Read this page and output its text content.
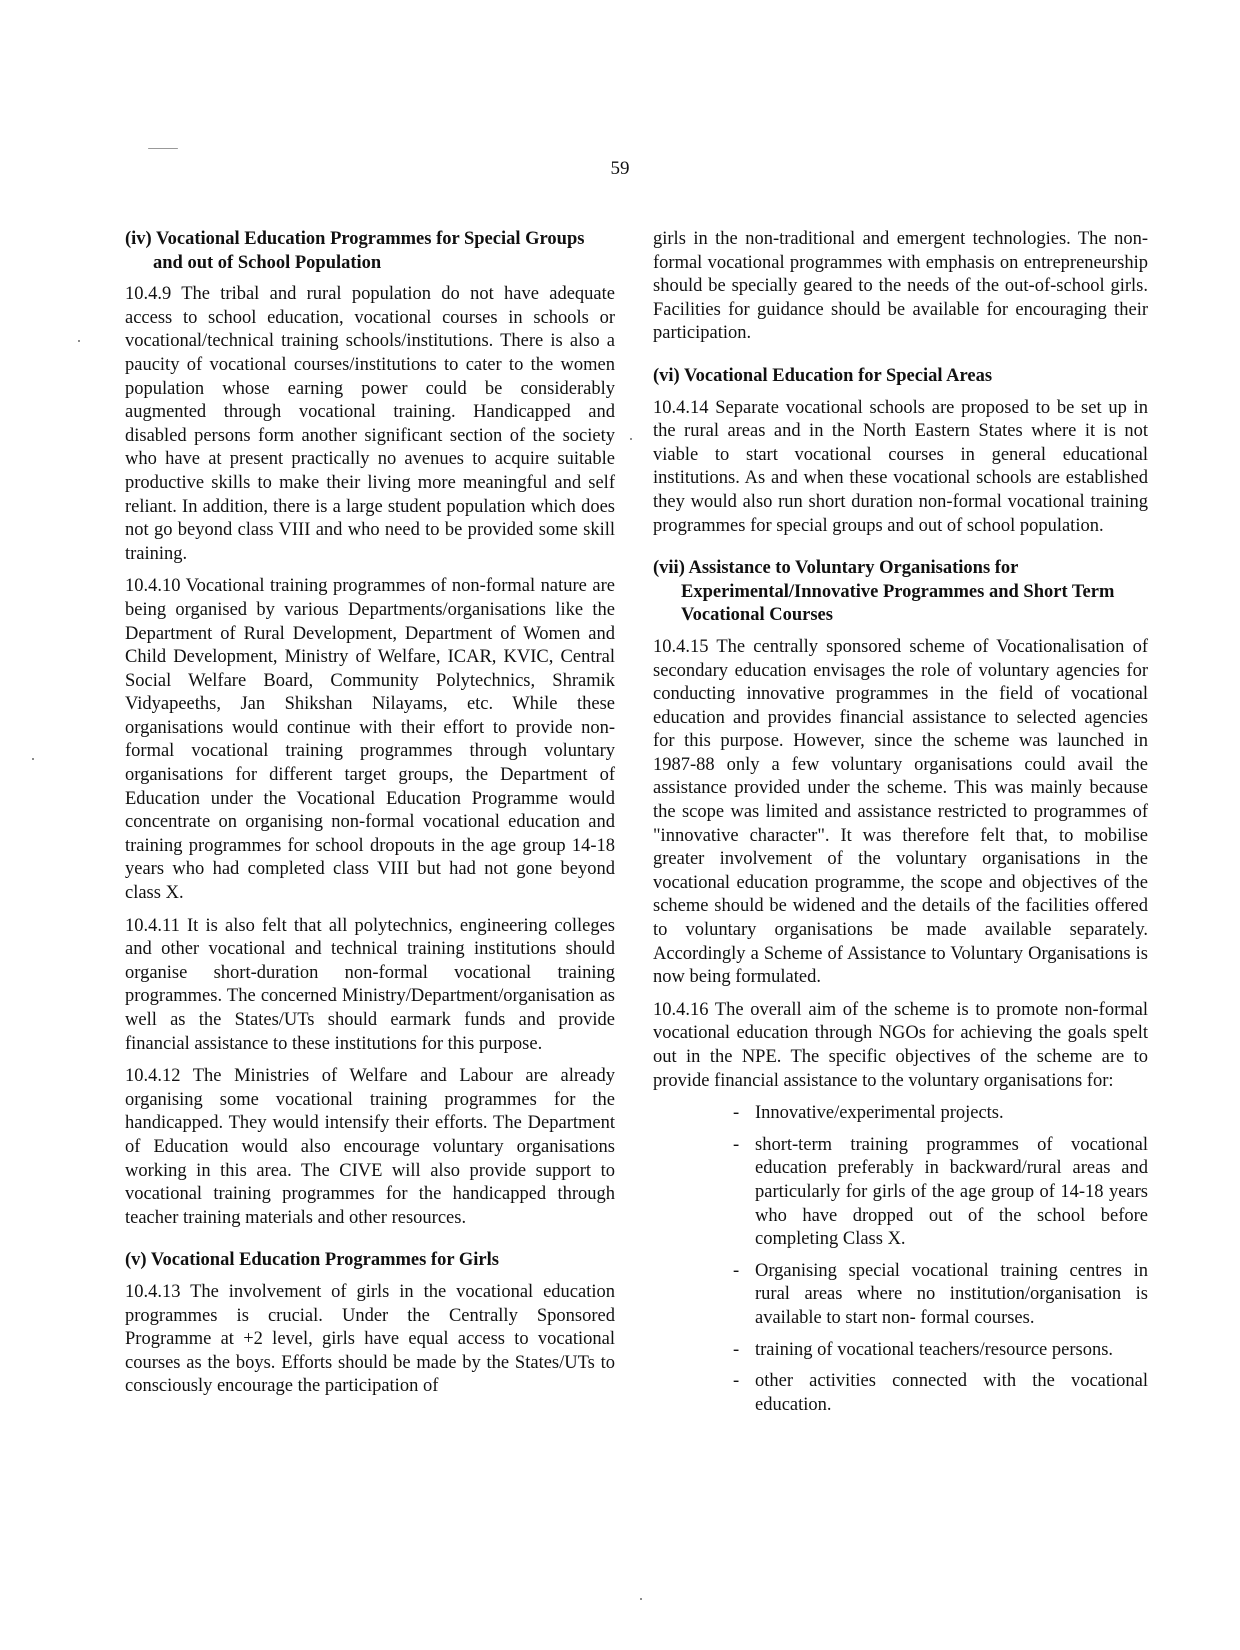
59

(iv) Vocational Education Programmes for Special Groups and out of School Population

10.4.9 The tribal and rural population do not have adequate access to school education, vocational courses in schools or vocational/technical training schools/institutions. There is also a paucity of vocational courses/institutions to cater to the women population whose earning power could be considerably augmented through vocational training. Handicapped and disabled persons form another significant section of the society who have at present practically no avenues to acquire suitable productive skills to make their living more meaningful and self reliant. In addition, there is a large student population which does not go beyond class VIII and who need to be provided some skill training.

10.4.10 Vocational training programmes of non-formal nature are being organised by various Departments/organisations like the Department of Rural Development, Department of Women and Child Development, Ministry of Welfare, ICAR, KVIC, Central Social Welfare Board, Community Polytechnics, Shramik Vidyapeeths, Jan Shikshan Nilayams, etc. While these organisations would continue with their effort to provide non-formal vocational training programmes through voluntary organisations for different target groups, the Department of Education under the Vocational Education Programme would concentrate on organising non-formal vocational education and training programmes for school dropouts in the age group 14-18 years who had completed class VIII but had not gone beyond class X.

10.4.11 It is also felt that all polytechnics, engineering colleges and other vocational and technical training institutions should organise short-duration non-formal vocational training programmes. The concerned Ministry/Department/organisation as well as the States/UTs should earmark funds and provide financial assistance to these institutions for this purpose.

10.4.12 The Ministries of Welfare and Labour are already organising some vocational training programmes for the handicapped. They would intensify their efforts. The Department of Education would also encourage voluntary organisations working in this area. The CIVE will also provide support to vocational training programmes for the handicapped through teacher training materials and other resources.

(v) Vocational Education Programmes for Girls

10.4.13 The involvement of girls in the vocational education programmes is crucial. Under the Centrally Sponsored Programme at +2 level, girls have equal access to vocational courses as the boys. Efforts should be made by the States/UTs to consciously encourage the participation of

girls in the non-traditional and emergent technologies. The non-formal vocational programmes with emphasis on entrepreneurship should be specially geared to the needs of the out-of-school girls. Facilities for guidance should be available for encouraging their participation.

(vi) Vocational Education for Special Areas

10.4.14 Separate vocational schools are proposed to be set up in the rural areas and in the North Eastern States where it is not viable to start vocational courses in general educational institutions. As and when these vocational schools are established they would also run short duration non-formal vocational training programmes for special groups and out of school population.

(vii) Assistance to Voluntary Organisations for Experimental/Innovative Programmes and Short Term Vocational Courses

10.4.15 The centrally sponsored scheme of Vocationalisation of secondary education envisages the role of voluntary agencies for conducting innovative programmes in the field of vocational education and provides financial assistance to selected agencies for this purpose. However, since the scheme was launched in 1987-88 only a few voluntary organisations could avail the assistance provided under the scheme. This was mainly because the scope was limited and assistance restricted to programmes of "innovative character". It was therefore felt that, to mobilise greater involvement of the voluntary organisations in the vocational education programme, the scope and objectives of the scheme should be widened and the details of the facilities offered to voluntary organisations be made available separately. Accordingly a Scheme of Assistance to Voluntary Organisations is now being formulated.

10.4.16 The overall aim of the scheme is to promote non-formal vocational education through NGOs for achieving the goals spelt out in the NPE. The specific objectives of the scheme are to provide financial assistance to the voluntary organisations for:

- Innovative/experimental projects.
- short-term training programmes of vocational education preferably in backward/rural areas and particularly for girls of the age group of 14-18 years who have dropped out of the school before completing Class X.
- Organising special vocational training centres in rural areas where no institution/organisation is available to start non- formal courses.
- training of vocational teachers/resource persons.
- other activities connected with the vocational education.
